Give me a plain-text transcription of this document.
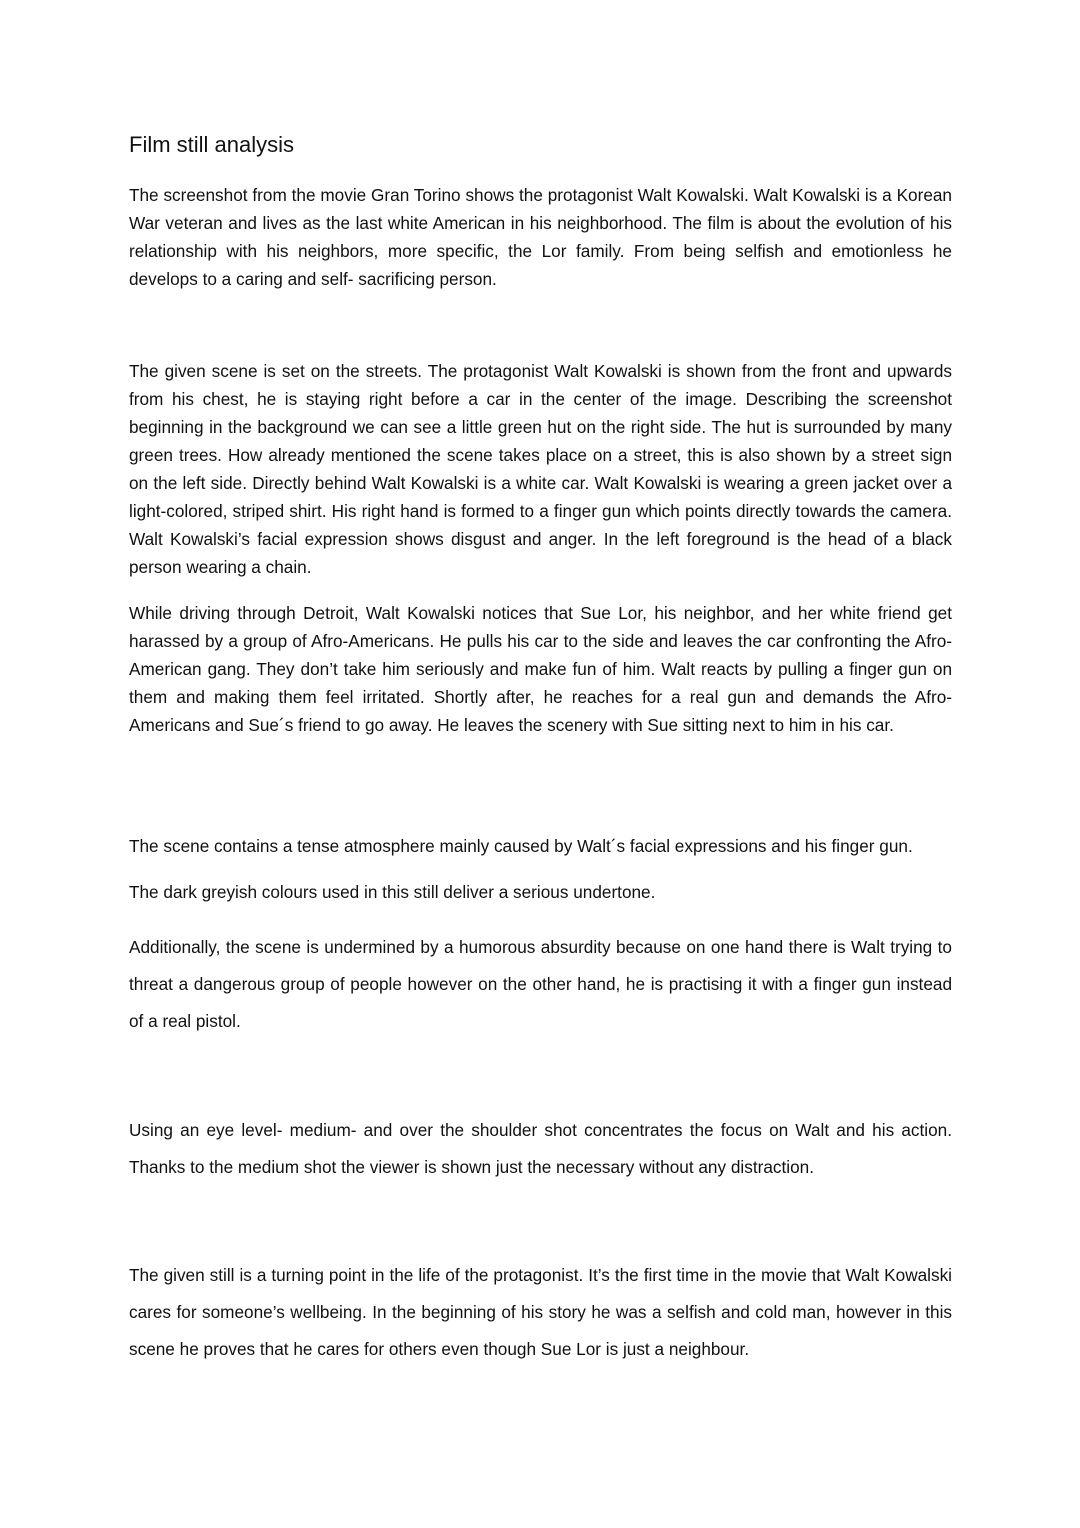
Film still analysis

The screenshot from the movie Gran Torino shows the protagonist Walt Kowalski. Walt Kowalski is a Korean War veteran and lives as the last white American in his neighborhood. The film is about the evolution of his relationship with his neighbors, more specific, the Lor family. From being selfish and emotionless he develops to a caring and self- sacrificing person.

The given scene is set on the streets. The protagonist Walt Kowalski is shown from the front and upwards from his chest, he is staying right before a car in the center of the image. Describing the screenshot beginning in the background we can see a little green hut on the right side. The hut is surrounded by many green trees. How already mentioned the scene takes place on a street, this is also shown by a street sign on the left side. Directly behind Walt Kowalski is a white car. Walt Kowalski is wearing a green jacket over a light-colored, striped shirt. His right hand is formed to a finger gun which points directly towards the camera. Walt Kowalski’s facial expression shows disgust and anger. In the left foreground is the head of a black person wearing a chain.

While driving through Detroit, Walt Kowalski notices that Sue Lor, his neighbor, and her white friend get harassed by a group of Afro-Americans. He pulls his car to the side and leaves the car confronting the Afro-American gang. They don’t take him seriously and make fun of him. Walt reacts by pulling a finger gun on them and making them feel irritated. Shortly after, he reaches for a real gun and demands the Afro-Americans and Sue´s friend to go away. He leaves the scenery with Sue sitting next to him in his car.

The scene contains a tense atmosphere mainly caused by Walt´s facial expressions and his finger gun.

The dark greyish colours used in this still deliver a serious undertone.

Additionally, the scene is undermined by a humorous absurdity because on one hand there is Walt trying to threat a dangerous group of people however on the other hand, he is practising it with a finger gun instead of a real pistol.

Using an eye level- medium- and over the shoulder shot concentrates the focus on Walt and his action. Thanks to the medium shot the viewer is shown just the necessary without any distraction.

The given still is a turning point in the life of the protagonist. It’s the first time in the movie that Walt Kowalski cares for someone’s wellbeing. In the beginning of his story he was a selfish and cold man, however in this scene he proves that he cares for others even though Sue Lor is just a neighbour.
